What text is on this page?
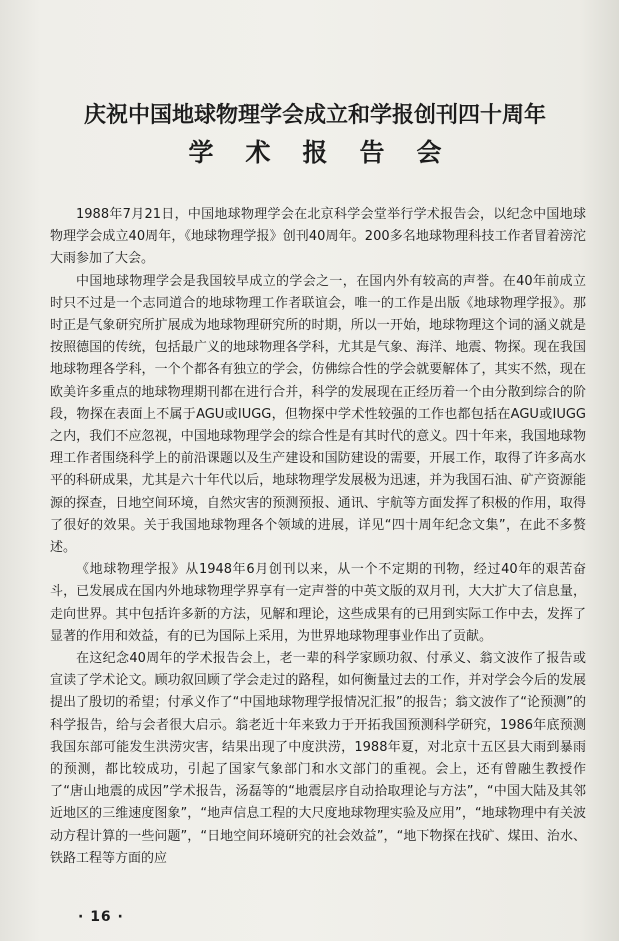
庆祝中国地球物理学会成立和学报创刊四十周年
学术报告会

1988年7月21日，中国地球物理学会在北京科学会堂举行学术报告会，以纪念中国地球物理学会成立40周年，《地球物理学报》创刊40周年。200多名地球物理科技工作者冒着滂沱大雨参加了大会。

中国地球物理学会是我国较早成立的学会之一，在国内外有较高的声誉。在40年前成立时只不过是一个志同道合的地球物理工作者联谊会，唯一的工作是出版《地球物理学报》。那时正是气象研究所扩展成为地球物理研究所的时期，所以一开始，地球物理这个词的涵义就是按照德国的传统，包括最广义的地球物理各学科，尤其是气象、海洋、地震、物探。现在我国地球物理各学科，一个个都各有独立的学会，仿佛综合性的学会就要解体了，其实不然，现在欧美许多重点的地球物理期刊都在进行合并，科学的发展现在正经历着一个由分散到综合的阶段，物探在表面上不属于AGU或IUGG，但物探中学术性较强的工作也都包括在AGU或IUGG之内，我们不应忽视，中国地球物理学会的综合性是有其时代的意义。四十年来，我国地球物理工作者围绕科学上的前沿课题以及生产建设和国防建设的需要，开展工作，取得了许多高水平的科研成果，尤其是六十年代以后，地球物理学发展极为迅速，并为我国石油、矿产资源能源的探查，日地空间环境，自然灾害的预测预报、通讯、宇航等方面发挥了积极的作用，取得了很好的效果。关于我国地球物理各个领域的进展，详见“四十周年纪念文集”，在此不多赘述。

《地球物理学报》从1948年6月创刊以来，从一个不定期的刊物，经过40年的艰苦奋斗，已发展成在国内外地球物理学界享有一定声誉的中英文版的双月刊，大大扩大了信息量，走向世界。其中包括许多新的方法，见解和理论，这些成果有的已用到实际工作中去，发挥了显著的作用和效益，有的已为国际上采用，为世界地球物理事业作出了贡献。

在这纪念40周年的学术报告会上，老一辈的科学家顾功叙、付承义、翁文波作了报告或宣读了学术论文。顾功叙回顾了学会走过的路程，如何衡量过去的工作，并对学会今后的发展提出了殷切的希望；付承义作了“中国地球物理学报情况汇报”的报告；翁文波作了“论预测”的科学报告，给与会者很大启示。翁老近十年来致力于开拓我国预测科学研究，1986年底预测我国东部可能发生洪涝灾害，结果出现了中度洪涝，1988年夏，对北京十五区县大雨到暴雨的预测，都比较成功，引起了国家气象部门和水文部门的重视。会上，还有曾融生教授作了“唐山地震的成因”学术报告，汤磊等的“地震层序自动拾取理论与方法”，“中国大陆及其邻近地区的三维速度图象”，“地声信息工程的大尺度地球物理实验及应用”，“地球物理中有关波动方程计算的一些问题”，“日地空间环境研究的社会效益”，“地下物探在找矿、煤田、治水、铁路工程等方面的应

· 16 ·
